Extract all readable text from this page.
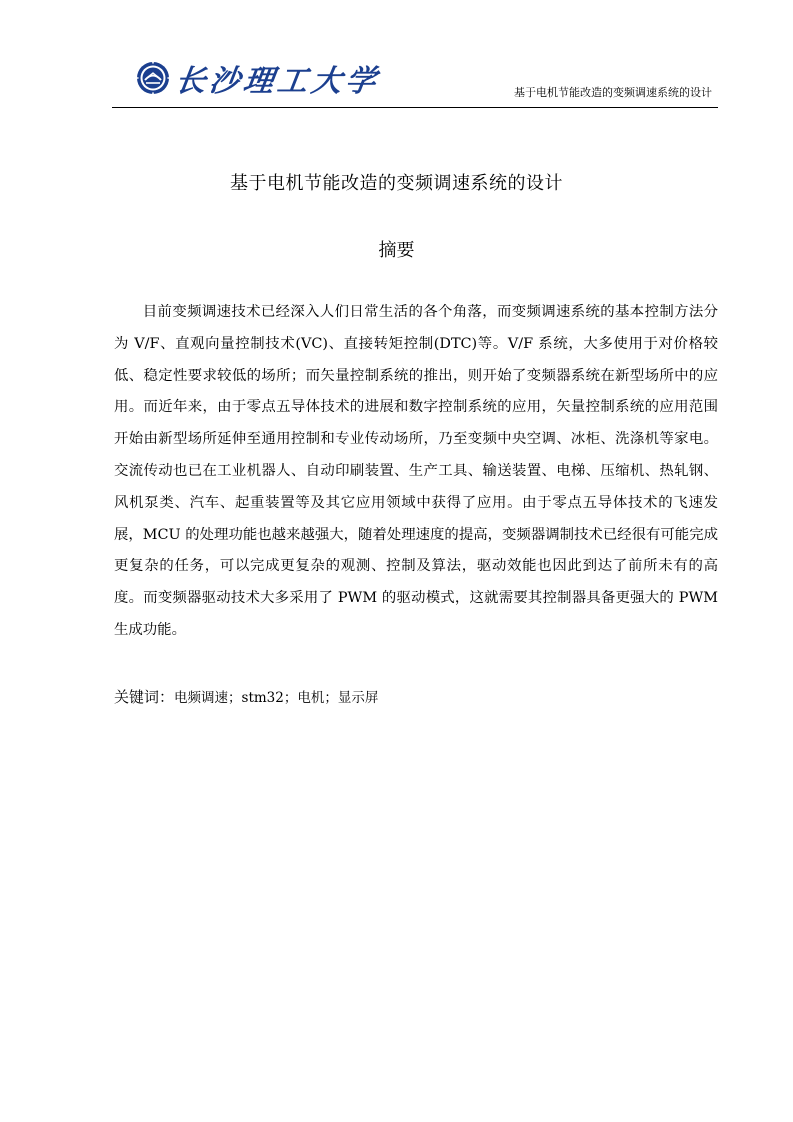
长沙理工大学	基于电机节能改造的变频调速系统的设计
基于电机节能改造的变频调速系统的设计
摘要

目前变频调速技术已经深入人们日常生活的各个角落，而变频调速系统的基本控制方法分为 V/F、直观向量控制技术(VC)、直接转矩控制(DTC)等。V/F 系统，大多使用于对价格较低、稳定性要求较低的场所；而矢量控制系统的推出，则开始了变频器系统在新型场所中的应用。而近年来，由于零点五导体技术的进展和数字控制系统的应用，矢量控制系统的应用范围开始由新型场所延伸至通用控制和专业传动场所，乃至变频中央空调、冰柜、洗涤机等家电。交流传动也已在工业机器人、自动印刷装置、生产工具、输送装置、电梯、压缩机、热轧钢、风机泵类、汽车、起重装置等及其它应用领域中获得了应用。由于零点五导体技术的飞速发展，MCU 的处理功能也越来越强大，随着处理速度的提高，变频器调制技术已经很有可能完成更复杂的任务，可以完成更复杂的观测、控制及算法，驱动效能也因此到达了前所未有的高度。而变频器驱动技术大多采用了 PWM 的驱动模式，这就需要其控制器具备更强大的 PWM 生成功能。

关键词：电频调速；stm32；电机；显示屏
